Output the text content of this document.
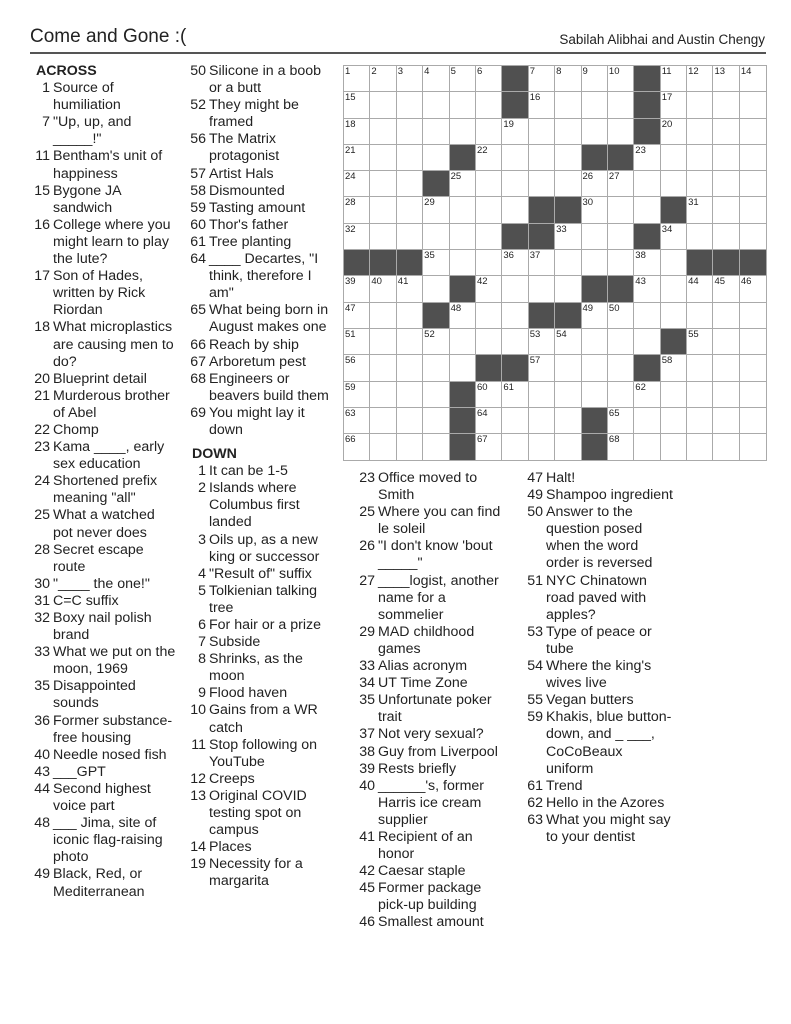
Come and Gone :(	Sabilah Alibhai and Austin Chengy
ACROSS
1 Source of humiliation
7 "Up, up, and _____!"
11 Bentham's unit of happiness
15 Bygone JA sandwich
16 College where you might learn to play the lute?
17 Son of Hades, written by Rick Riordan
18 What microplastics are causing men to do?
20 Blueprint detail
21 Murderous brother of Abel
22 Chomp
23 Kama ____, early sex education
24 Shortened prefix meaning "all"
25 What a watched pot never does
28 Secret escape route
30 "____ the one!"
31 C=C suffix
32 Boxy nail polish brand
33 What we put on the moon, 1969
35 Disappointed sounds
36 Former substance-free housing
40 Needle nosed fish
43 ___GPT
44 Second highest voice part
48 ___ Jima, site of iconic flag-raising photo
49 Black, Red, or Mediterranean
50 Silicone in a boob or a butt
52 They might be framed
56 The Matrix protagonist
57 Artist Hals
58 Dismounted
59 Tasting amount
60 Thor's father
61 Tree planting
64 ____ Decartes, "I think, therefore I am"
65 What being born in August makes one
66 Reach by ship
67 Arboretum pest
68 Engineers or beavers build them
69 You might lay it down
DOWN
1 It can be 1-5
2 Islands where Columbus first landed
3 Oils up, as a new king or successor
4 "Result of" suffix
5 Tolkienian talking tree
6 For hair or a prize
7 Subside
8 Shrinks, as the moon
9 Flood haven
10 Gains from a WR catch
11 Stop following on YouTube
12 Creeps
13 Original COVID testing spot on campus
14 Places
19 Necessity for a margarita
23 Office moved to Smith
25 Where you can find le soleil
26 "I don't know 'bout _____"
27 ____logist, another name for a sommelier
29 MAD childhood games
33 Alias acronym
34 UT Time Zone
35 Unfortunate poker trait
37 Not very sexual?
38 Guy from Liverpool
39 Rests briefly
40 ______'s, former Harris ice cream supplier
41 Recipient of an honor
42 Caesar staple
45 Former package pick-up building
46 Smallest amount
47 Halt!
49 Shampoo ingredient
50 Answer to the question posed when the word order is reversed
51 NYC Chinatown road paved with apples?
53 Type of peace or tube
54 Where the king's wives live
55 Vegan butters
59 Khakis, blue button-down, and _ ___, CoCoBeaux uniform
61 Trend
62 Hello in the Azores
63 What you might say to your dentist
1 2 3 4 5 6	7 8 9 10	11 12 13 14
15	16	17
18	19	20
21	22	23
24	25	26 27
28	29	30	31
32	33	34
35	36 37	38
39 40 41	42	43	44 45 46
47	48	49 50
51	52	53 54	55
56	57	58
59	60 61	62
63	64	65
66	67	68
